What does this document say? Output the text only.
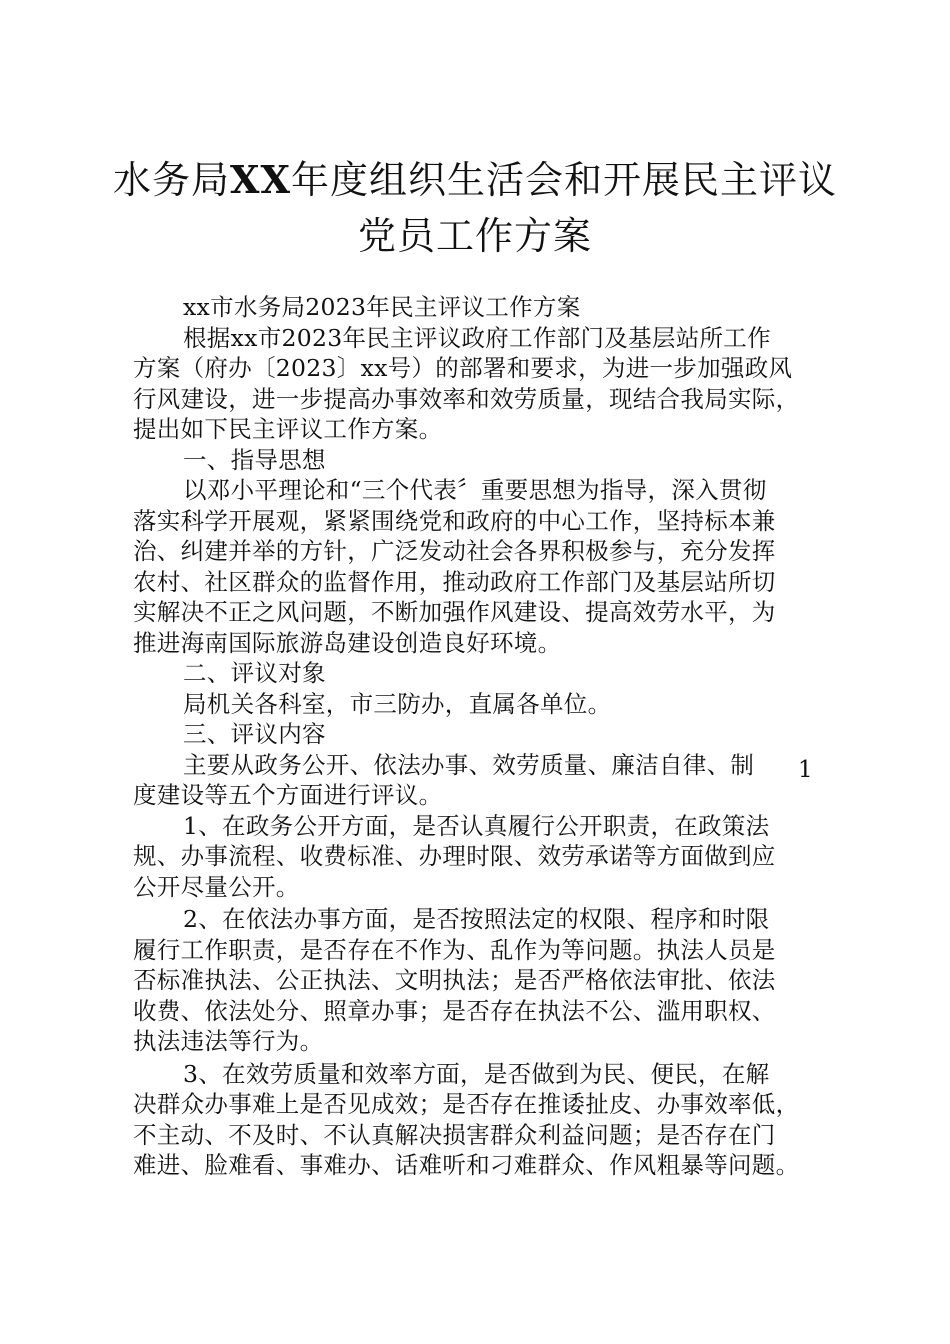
水务局XX年度组织生活会和开展民主评议
党员工作方案

xx市水务局2023年民主评议工作方案

根据xx市2023年民主评议政府工作部门及基层站所工作
方案（府办〔2023〕xx号）的部署和要求，为进一步加强政风
行风建设，进一步提高办事效率和效劳质量，现结合我局实际，
提出如下民主评议工作方案。

一、指导思想

以邓小平理论和“三个代表〞重要思想为指导，深入贯彻
落实科学开展观，紧紧围绕党和政府的中心工作，坚持标本兼
治、纠建并举的方针，广泛发动社会各界积极参与，充分发挥
农村、社区群众的监督作用，推动政府工作部门及基层站所切
实解决不正之风问题，不断加强作风建设、提高效劳水平，为
推进海南国际旅游岛建设创造良好环境。

二、评议对象

局机关各科室，市三防办，直属各单位。

三、评议内容

主要从政务公开、依法办事、效劳质量、廉洁自律、制
度建设等五个方面进行评议。

1、在政务公开方面，是否认真履行公开职责，在政策法
规、办事流程、收费标准、办理时限、效劳承诺等方面做到应
公开尽量公开。

2、在依法办事方面，是否按照法定的权限、程序和时限
履行工作职责，是否存在不作为、乱作为等问题。执法人员是
否标准执法、公正执法、文明执法；是否严格依法审批、依法
收费、依法处分、照章办事；是否存在执法不公、滥用职权、
执法违法等行为。

3、在效劳质量和效率方面，是否做到为民、便民，在解
决群众办事难上是否见成效；是否存在推诿扯皮、办事效率低，
不主动、不及时、不认真解决损害群众利益问题；是否存在门
难进、脸难看、事难办、话难听和刁难群众、作风粗暴等问题。

1
